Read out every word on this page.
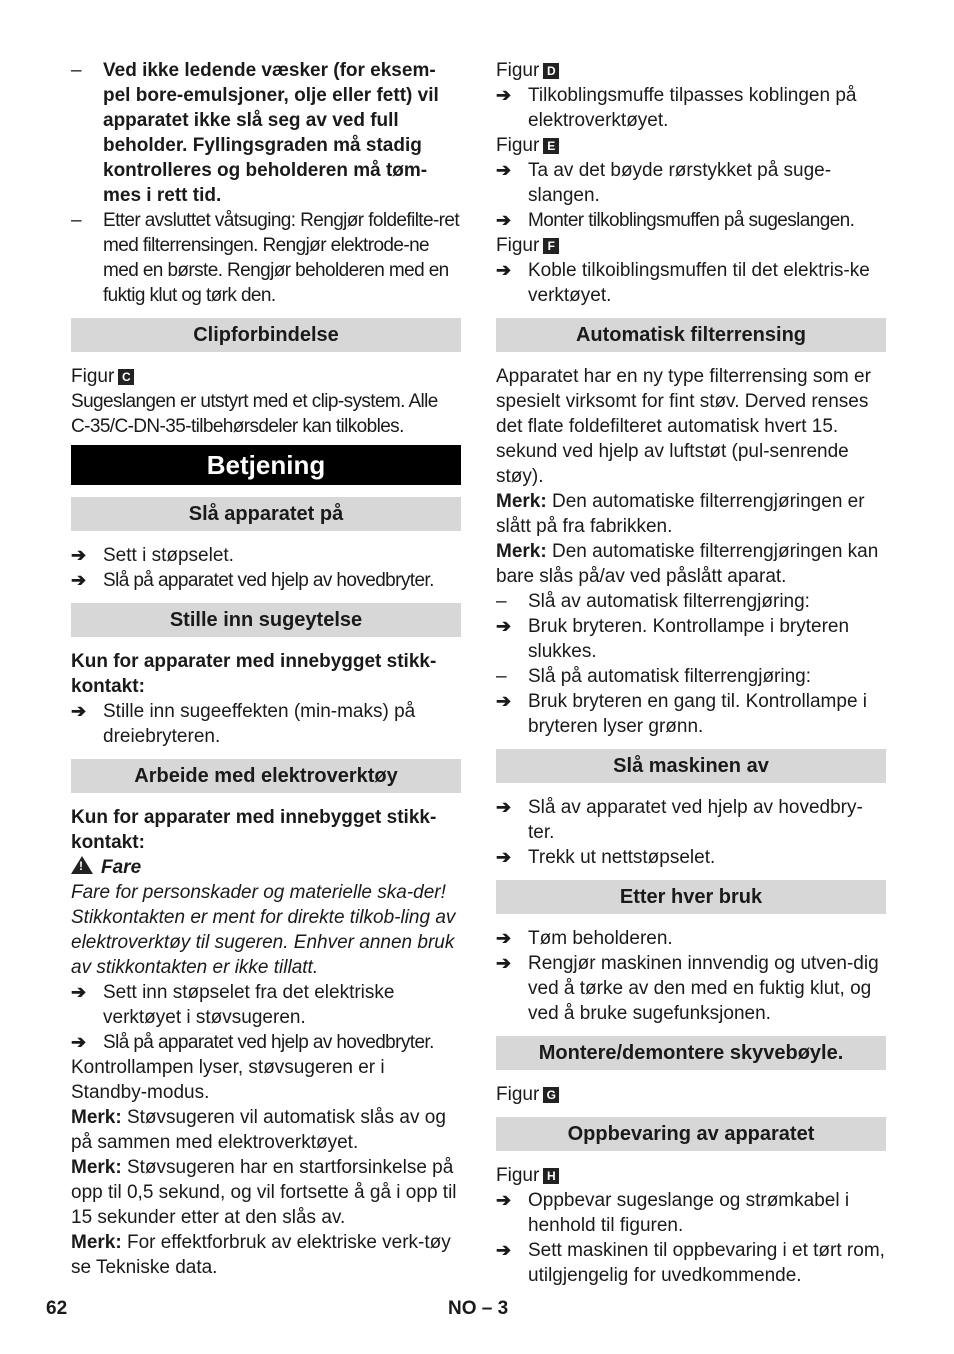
–	Ved ikke ledende væsker (for eksem-pel bore-emulsjoner, olje eller fett) vil apparatet ikke slå seg av ved full beholder. Fyllingsgraden må stadig kontrolleres og beholderen må tøm-mes i rett tid.
–	Etter avsluttet våtsuging: Rengjør foldefilte-ret med filterrensingen. Rengjør elektrode-ne med en børste. Rengjør beholderen med en fuktig klut og tørk den.
Clipforbindelse

Figur C

Sugeslangen er utstyrt med et clip-system. Alle C-35/C-DN-35-tilbehørsdeler kan tilkobles.

Betjening
Slå apparatet på
➔ Sett i støpselet.
➔ Slå på apparatet ved hjelp av hovedbryter.
Stille inn sugeytelse

Kun for apparater med innebygget stikk-kontakt:

➔ Stille inn sugeeffekten (min-maks) på dreiebryteren.
Arbeide med elektroverktøy

Kun for apparater med innebygget stikk-kontakt:

!Fare

Fare for personskader og materielle ska-der! Stikkontakten er ment for direkte tilkob-ling av elektroverktøy til sugeren. Enhver annen bruk av stikkontakten er ikke tillatt.

➔ Sett inn støpselet fra det elektriske verktøyet i støvsugeren.
➔ Slå på apparatet ved hjelp av hovedbryter.

Kontrollampen lyser, støvsugeren er i Standby-modus.

Merk: Støvsugeren vil automatisk slås av og på sammen med elektroverktøyet.

Merk: Støvsugeren har en startforsinkelse på opp til 0,5 sekund, og vil fortsette å gå i opp til 15 sekunder etter at den slås av.

Merk: For effektforbruk av elektriske verk-tøy se Tekniske data.

Figur D

➔ Tilkoblingsmuffe tilpasses koblingen på elektroverktøyet.

Figur E

➔ Ta av det bøyde rørstykket på suge-slangen.
➔ Monter tilkoblingsmuffen på sugeslangen.

Figur F

➔ Koble tilkoiblingsmuffen til det elektris-ke verktøyet.
Automatisk filterrensing

Apparatet har en ny type filterrensing som er spesielt virksomt for fint støv. Derved renses det flate foldefilteret automatisk hvert 15. sekund ved hjelp av luftstøt (pul-senrende støy).

Merk: Den automatiske filterrengjøringen er slått på fra fabrikken.

Merk: Den automatiske filterrengjøringen kan bare slås på/av ved påslått aparat.

–	Slå av automatisk filterrengjøring:
➔ Bruk bryteren. Kontrollampe i bryteren slukkes.
–	Slå på automatisk filterrengjøring:
➔ Bruk bryteren en gang til. Kontrollampe i bryteren lyser grønn.
Slå maskinen av
➔ Slå av apparatet ved hjelp av hovedbry-ter.
➔ Trekk ut nettstøpselet.
Etter hver bruk
➔ Tøm beholderen.
➔ Rengjør maskinen innvendig og utven-dig ved å tørke av den med en fuktig klut, og ved å bruke sugefunksjonen.
Montere/demontere skyvebøyle.

Figur G

Oppbevaring av apparatet

Figur H

➔ Oppbevar sugeslange og strømkabel i henhold til figuren.
➔ Sett maskinen til oppbevaring i et tørt rom, utilgjengelig for uvedkommende.
62	NO – 3
